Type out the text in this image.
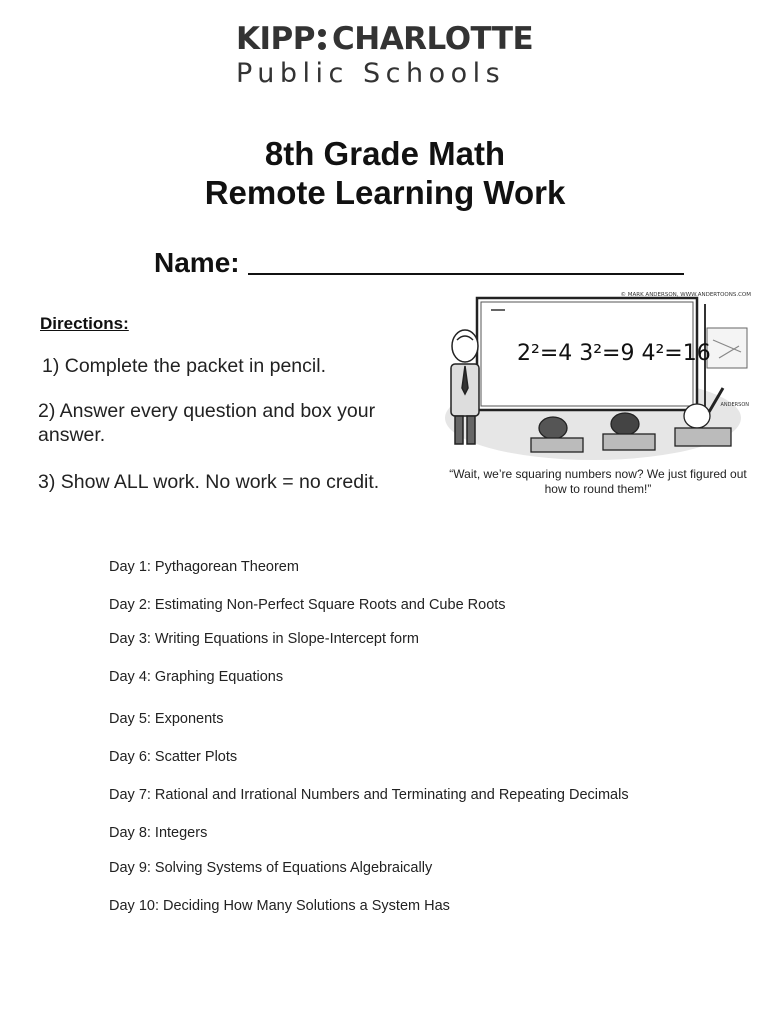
KIPP CHARLOTTE
Public Schools
8th Grade Math
Remote Learning Work
Name:
Directions:
1) Complete the packet in pencil.
2) Answer every question and box your answer.
3) Show ALL work. No work = no credit.
2²=4 3²=9 4²=16
© MARK ANDERSON, WWW.ANDERTOONS.COM
ANDERSON
“Wait, we’re squaring numbers now? We just figured out how to round them!”
Day 1: Pythagorean Theorem
Day 2: Estimating Non-Perfect Square Roots and Cube Roots
Day 3: Writing Equations in Slope-Intercept form
Day 4: Graphing Equations
Day 5: Exponents
Day 6: Scatter Plots
Day 7: Rational and Irrational Numbers and Terminating and Repeating Decimals
Day 8: Integers
Day 9: Solving Systems of Equations Algebraically
Day 10: Deciding How Many Solutions a System Has
